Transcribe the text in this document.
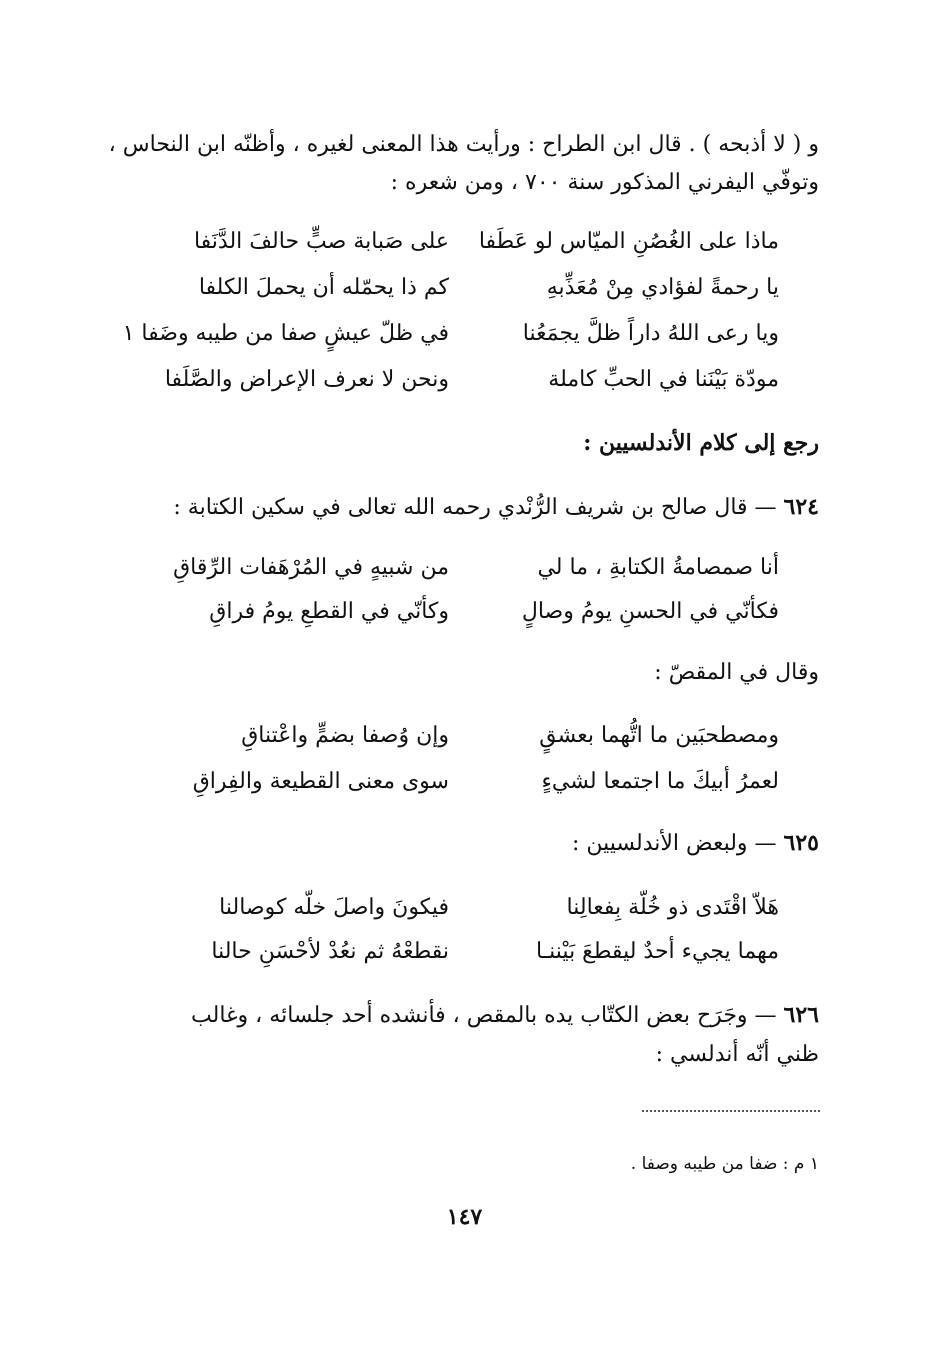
و ( لا أذبحه ) . قال ابن الطراح : ورأيت هذا المعنى لغيره ، وأظنّه ابن النحاس ،
وتوفّي اليفرني المذكور سنة ٧٠٠ ، ومن شعره :
ماذا على الغُصُنِ الميّاس لو عَطَفا
على صَبابة صبٍّ حالفَ الدَّنَفا
يا رحمةً لفؤادي مِنْ مُعَذِّبهِ
كم ذا يحمّله أن يحملَ الكلفا
ويا رعى اللهُ داراً ظلَّ يجمَعُنا
في ظلّ عيشٍ صفا من طيبه وضَفا ١
مودّة بَيْنَنا في الحبِّ كاملة
ونحن لا نعرف الإعراض والصَّلَفا
رجع إلى كلام الأندلسيين :
٦٢٤ — قال صالح بن شريف الرُّنْدي رحمه الله تعالى في سكين الكتابة :
أنا صمصامةُ الكتابةِ ، ما لي
من شبيهٍ في المُرْهَفات الرِّقاقِ
فكأنّي في الحسنِ يومُ وصالٍ
وكأنّي في القطعِ يومُ فراقِ
وقال في المقصّ :
ومصطحبَين ما اتُّهما بعشقٍ
وإن وُصفا بضمٍّ واعْتناقِ
لعمرُ أبيكَ ما اجتمعا لشيءٍ
سوى معنى القطيعة والفِراقِ
٦٢٥ — ولبعض الأندلسيين :
هَلاّ اقْتَدى ذو خُلّة بِفعالِنا
فيكونَ واصلَ خلّه كوصالنا
مهما يجيء أحدٌ ليقطعَ بَيْننـا
نقطعْهُ ثم نعُدْ لأحْسَنِ حالنا
٦٢٦ — وجَرَح بعض الكتّاب يده بالمقص ، فأنشده أحد جلسائه ، وغالب
ظني أنّه أندلسي :
١ م : ضفا من طيبه وصفا .
١٤٧
